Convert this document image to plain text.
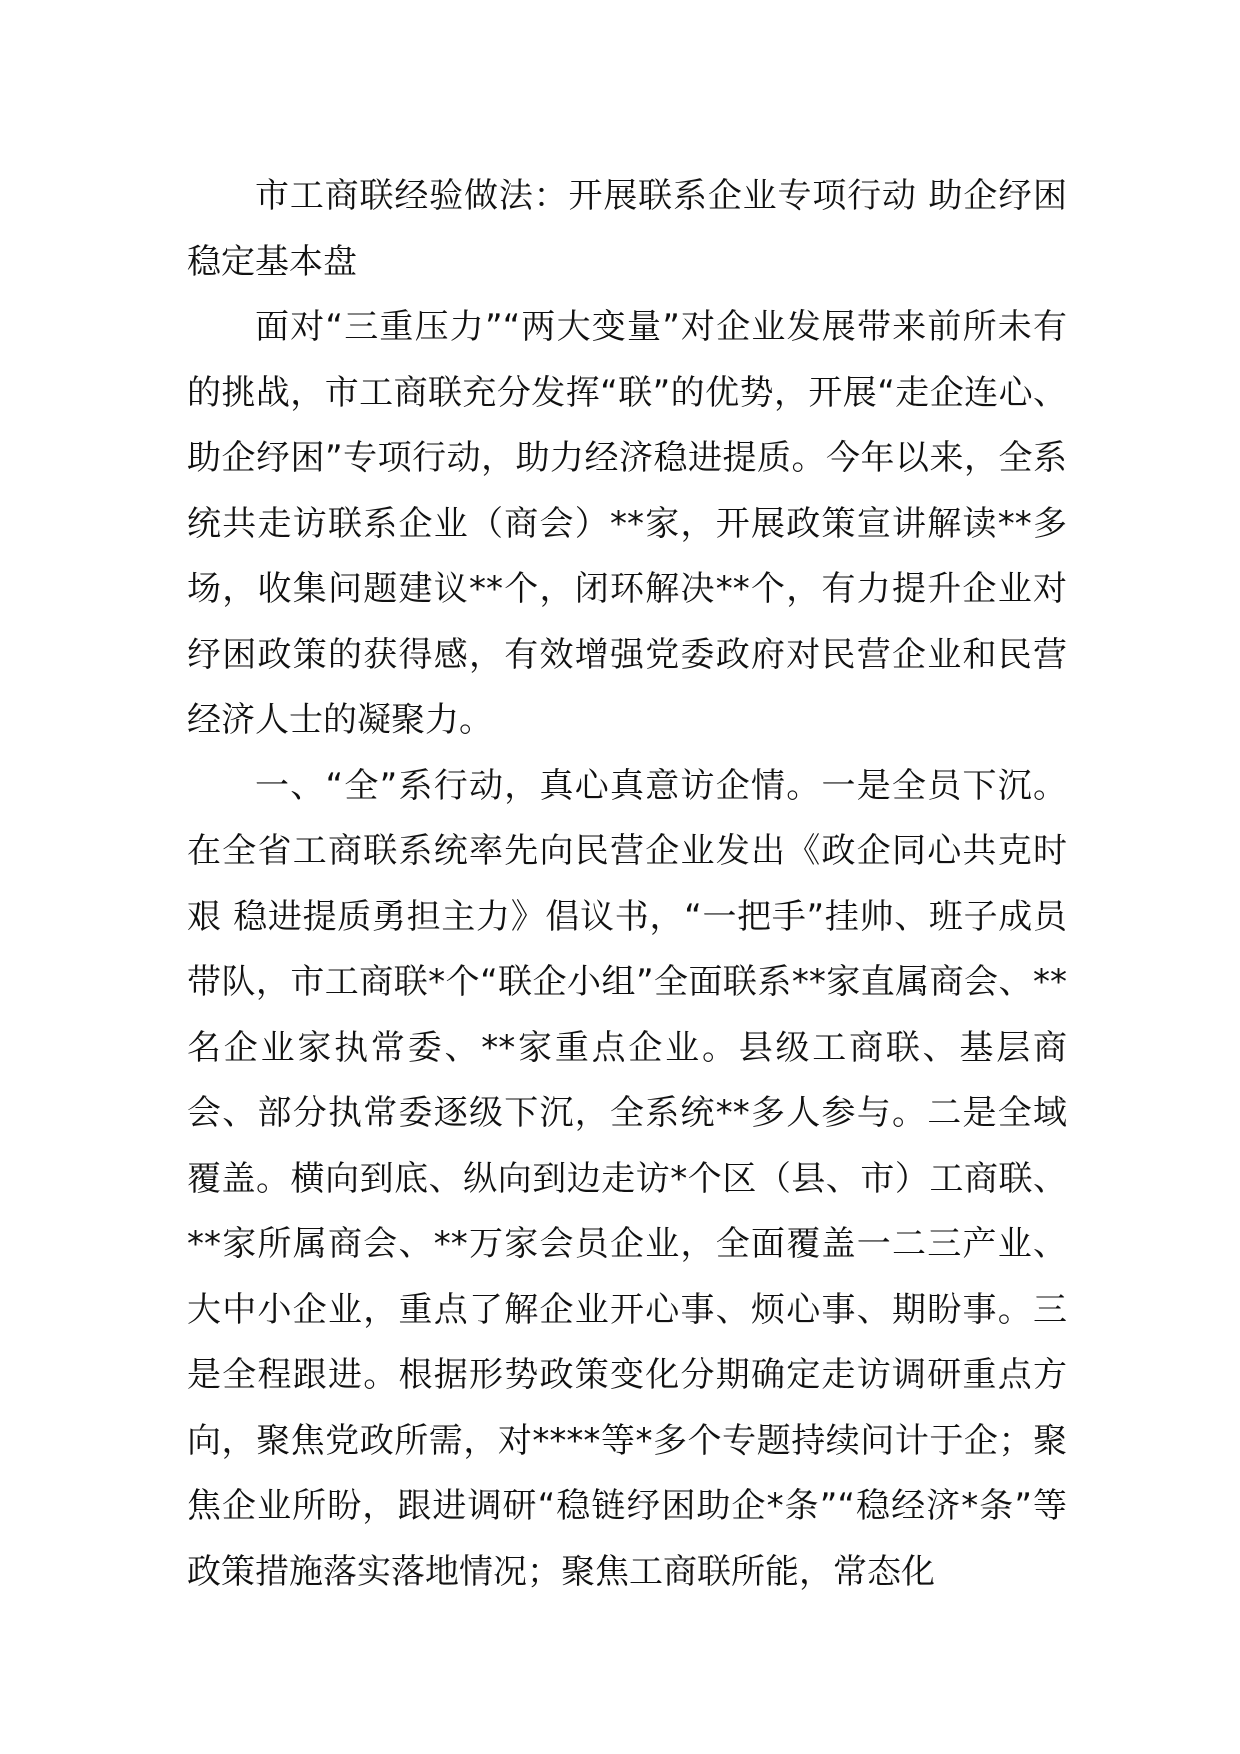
市工商联经验做法：开展联系企业专项行动 助企纾困稳定基本盘

面对“三重压力”“两大变量”对企业发展带来前所未有的挑战，市工商联充分发挥“联”的优势，开展“走企连心、助企纾困”专项行动，助力经济稳进提质。今年以来，全系统共走访联系企业（商会）**家，开展政策宣讲解读**多场，收集问题建议**个，闭环解决**个，有力提升企业对纾困政策的获得感，有效增强党委政府对民营企业和民营经济人士的凝聚力。

一、“全”系行动，真心真意访企情。一是全员下沉。在全省工商联系统率先向民营企业发出《政企同心共克时艰 稳进提质勇担主力》倡议书，“一把手”挂帅、班子成员带队，市工商联*个“联企小组”全面联系**家直属商会、**名企业家执常委、**家重点企业。县级工商联、基层商会、部分执常委逐级下沉，全系统**多人参与。二是全域覆盖。横向到底、纵向到边走访*个区（县、市）工商联、**家所属商会、**万家会员企业，全面覆盖一二三产业、大中小企业，重点了解企业开心事、烦心事、期盼事。三是全程跟进。根据形势政策变化分期确定走访调研重点方向，聚焦党政所需，对****等*多个专题持续问计于企；聚焦企业所盼，跟进调研“稳链纾困助企*条”“稳经济*条”等政策措施落实落地情况；聚焦工商联所能，常态化
